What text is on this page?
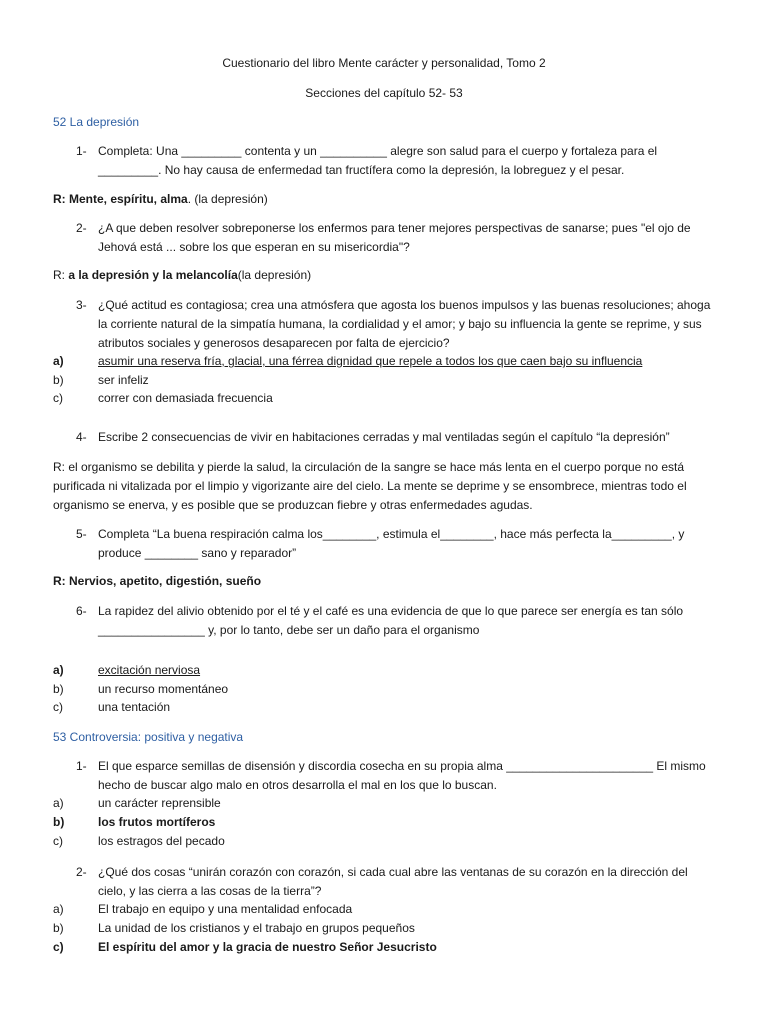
Cuestionario del libro Mente carácter y personalidad, Tomo 2
Secciones del capítulo 52- 53
52 La depresión
1- Completa: Una _________ contenta y un __________ alegre son salud para el cuerpo y fortaleza para el _________. No hay causa de enfermedad tan fructífera como la depresión, la lobreguez y el pesar.
R: Mente, espíritu, alma. (la depresión)
2- ¿A que deben resolver sobreponerse los enfermos para tener mejores perspectivas de sanarse; pues "el ojo de Jehová está ... sobre los que esperan en su misericordia"?
R: a la depresión y la melancolía(la depresión)
3- ¿Qué actitud es contagiosa; crea una atmósfera que agosta los buenos impulsos y las buenas resoluciones; ahoga la corriente natural de la simpatía humana, la cordialidad y el amor; y bajo su influencia la gente se reprime, y sus atributos sociales y generosos desaparecen por falta de ejercicio?
a)	asumir una reserva fría, glacial, una férrea dignidad que repele a todos los que caen bajo su influencia
b)	ser infeliz
c)	correr con demasiada frecuencia
4- Escribe 2 consecuencias de vivir en habitaciones cerradas y mal ventiladas según el capítulo “la depresión”
R: el organismo se debilita y pierde la salud, la circulación de la sangre se hace más lenta en el cuerpo porque no está purificada ni vitalizada por el limpio y vigorizante aire del cielo. La mente se deprime y se ensombrece, mientras todo el organismo se enerva, y es posible que se produzcan fiebre y otras enfermedades agudas.
5- Completa “La buena respiración calma los________, estimula el________, hace más perfecta la_________, y produce ________ sano y reparador”
R: Nervios, apetito, digestión, sueño
6- La rapidez del alivio obtenido por el té y el café es una evidencia de que lo que parece ser energía es tan sólo ________________ y, por lo tanto, debe ser un daño para el organismo
a)	excitación nerviosa
b)	un recurso momentáneo
c)	una tentación
53 Controversia: positiva y negativa
1- El que esparce semillas de disensión y discordia cosecha en su propia alma ______________________ El mismo hecho de buscar algo malo en otros desarrolla el mal en los que lo buscan.
a)	un carácter reprensible
b)	los frutos mortíferos
c)	los estragos del pecado
2- ¿Qué dos cosas “unirán corazón con corazón, si cada cual abre las ventanas de su corazón en la dirección del cielo, y las cierra a las cosas de la tierra”?
a)	El trabajo en equipo y una mentalidad enfocada
b)	La unidad de los cristianos y el trabajo en grupos pequeños
c)	El espíritu del amor y la gracia de nuestro Señor Jesucristo
